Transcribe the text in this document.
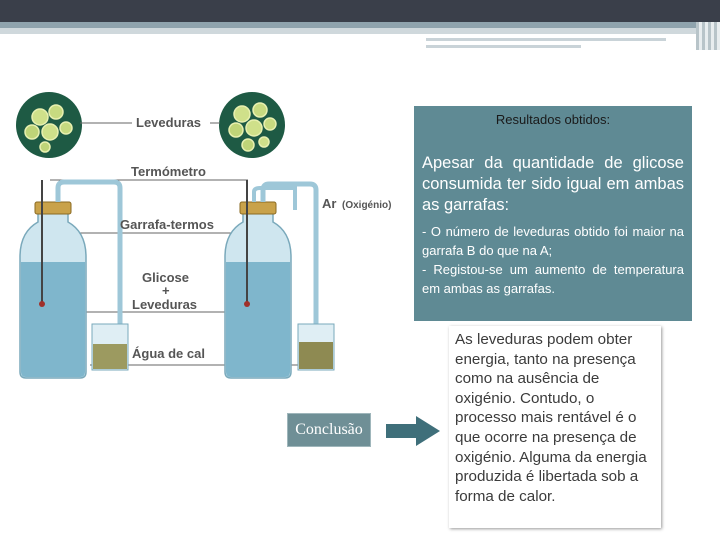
Leveduras
Termómetro
Ar (Oxigénio)
Garrafa-termos
Glicose
+
Leveduras
Água de cal
Resultados obtidos:
Apesar da quantidade de glicose consumida ter sido igual em ambas as garrafas:
- O número de leveduras obtido foi maior na garrafa B do que na A;
- Registou-se um aumento de temperatura em ambas as garrafas.
Conclusão

As leveduras podem obter energia, tanto na presença como na ausência de oxigénio. Contudo, o processo mais rentável é o que ocorre na presença de oxigénio. Alguma da energia produzida é libertada sob a forma de calor.
